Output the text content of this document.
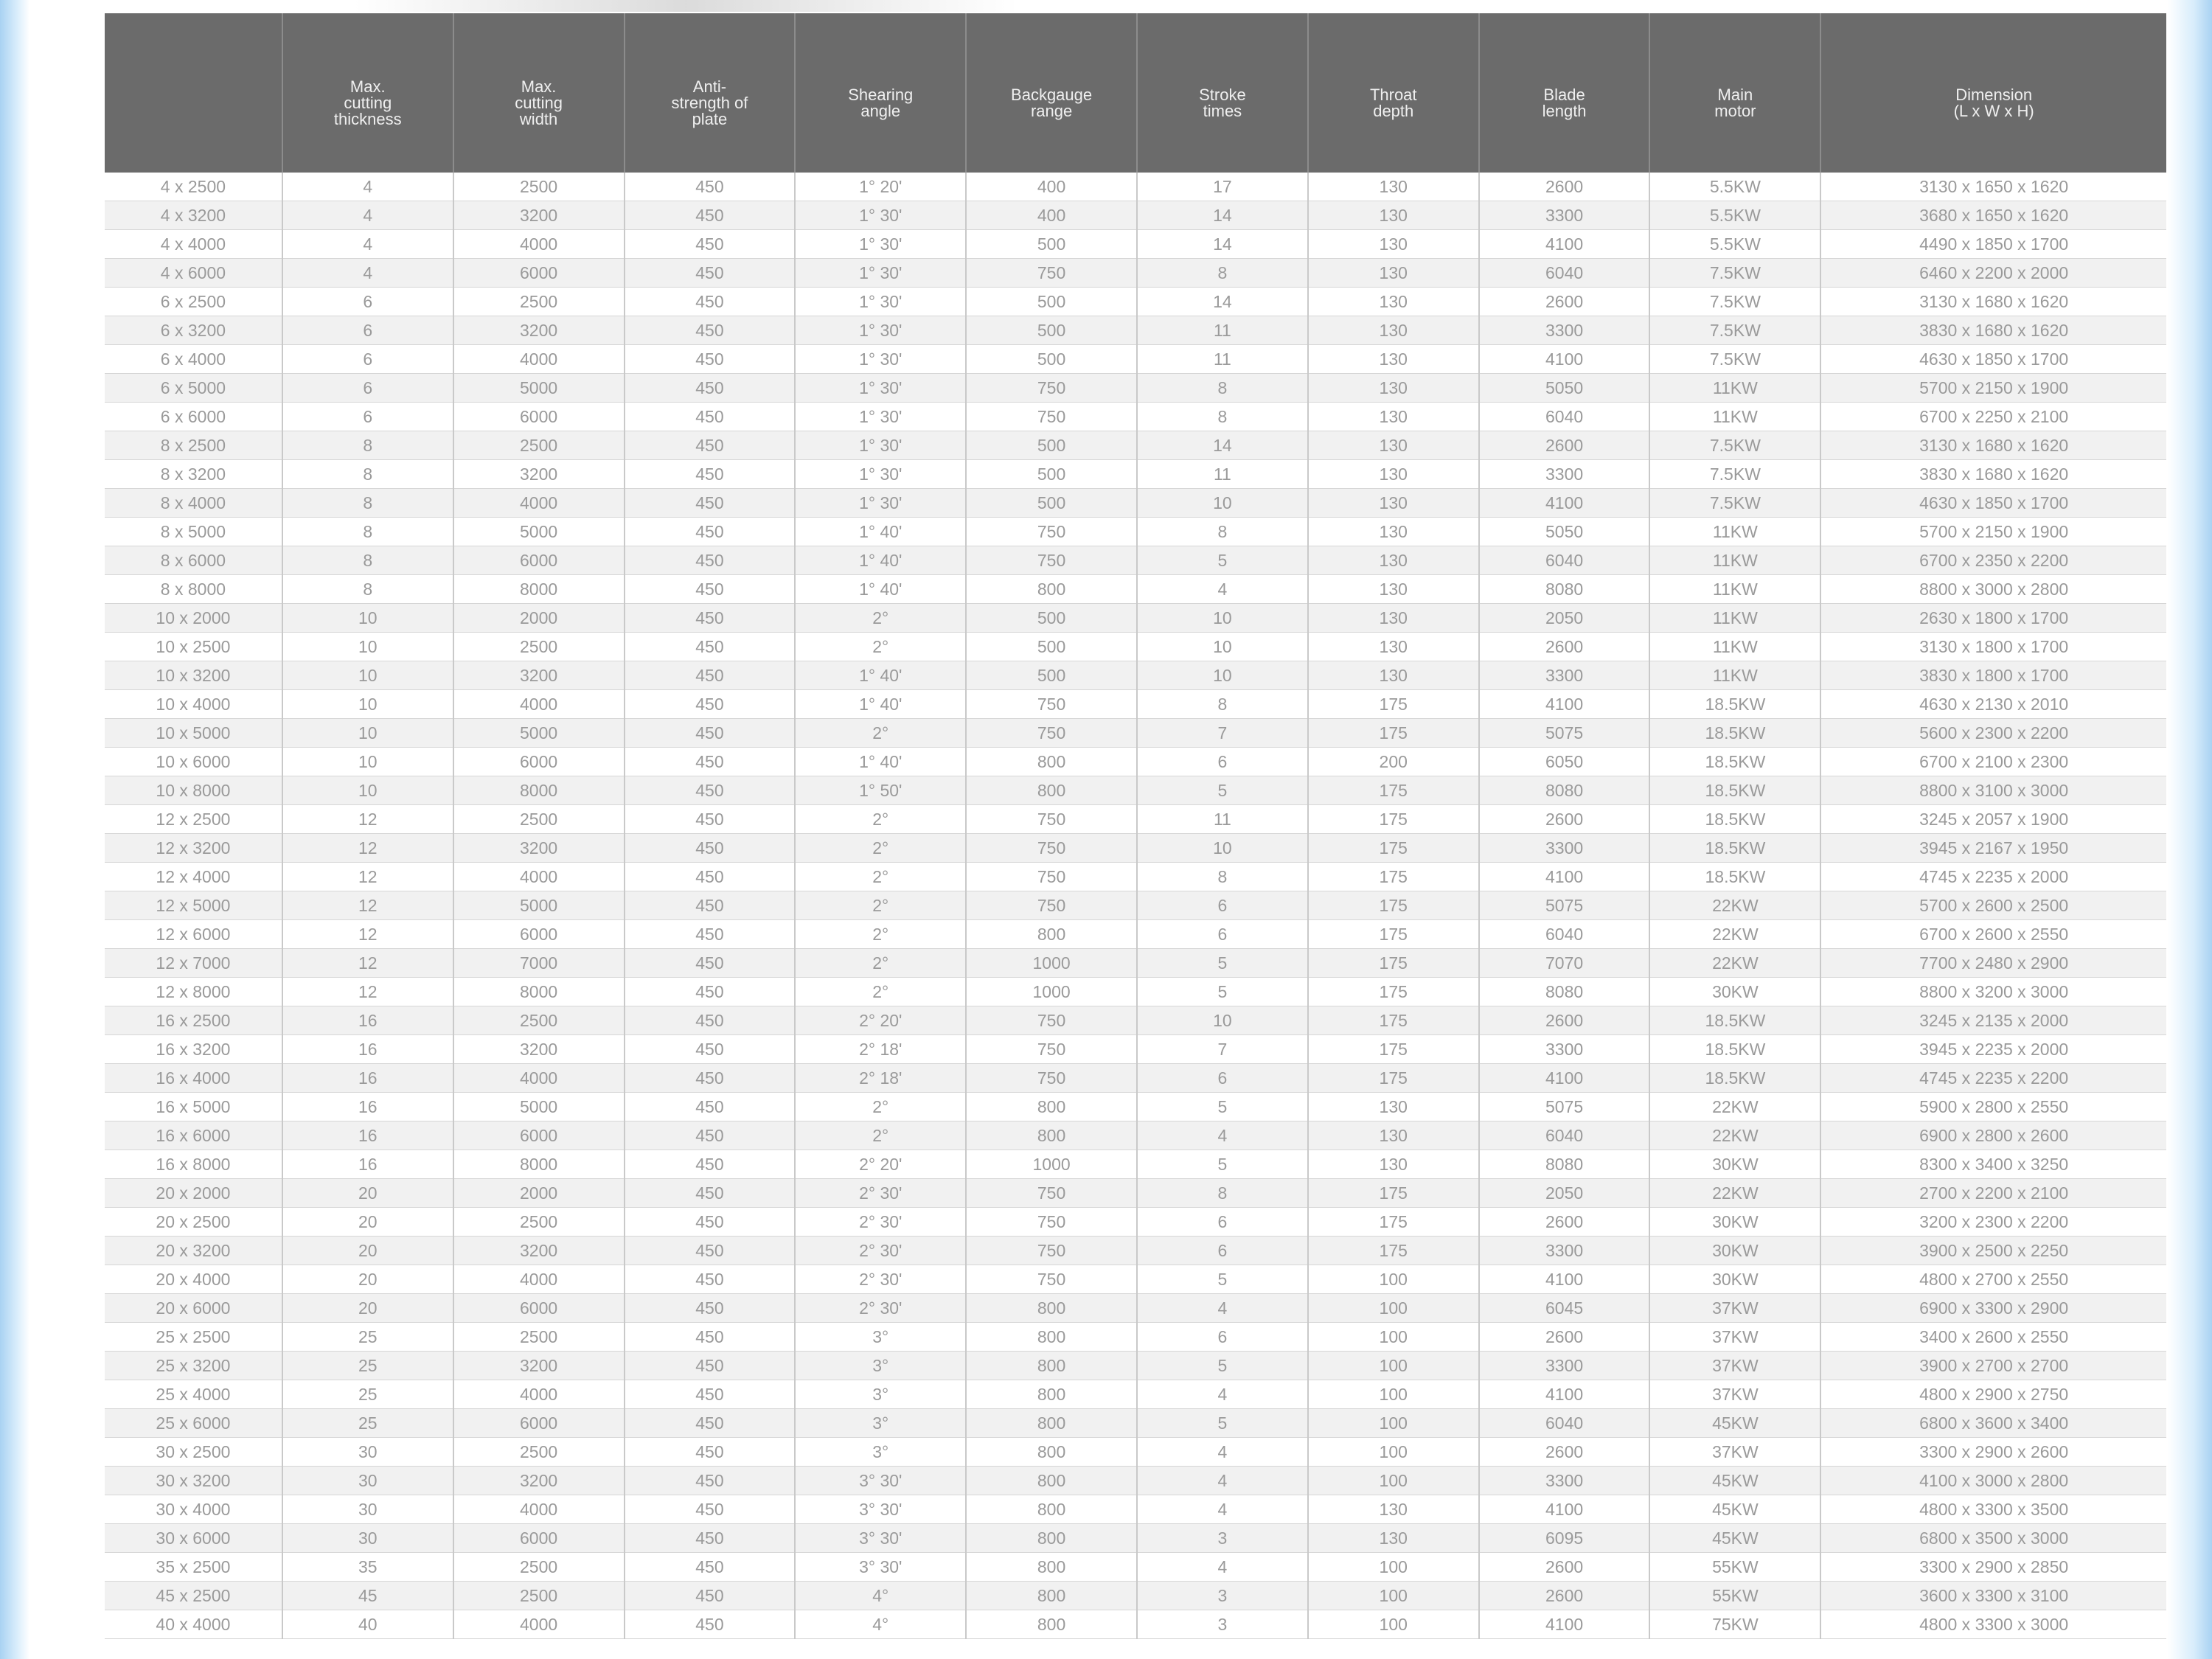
	Max.
cutting
thickness	Max.
cutting
width	Anti-
strength of
plate	Shearing
angle	Backgauge
range	Stroke
times	Throat
depth	Blade
length	Main
motor	Dimension
(L x W x H)
4 x 2500	4	2500	450	1° 20'	400	17	130	2600	5.5KW	3130 x 1650 x 1620
4 x 3200	4	3200	450	1° 30'	400	14	130	3300	5.5KW	3680 x 1650 x 1620
4 x 4000	4	4000	450	1° 30'	500	14	130	4100	5.5KW	4490 x 1850 x 1700
4 x 6000	4	6000	450	1° 30'	750	8	130	6040	7.5KW	6460 x 2200 x 2000
6 x 2500	6	2500	450	1° 30'	500	14	130	2600	7.5KW	3130 x 1680 x 1620
6 x 3200	6	3200	450	1° 30'	500	11	130	3300	7.5KW	3830 x 1680 x 1620
6 x 4000	6	4000	450	1° 30'	500	11	130	4100	7.5KW	4630 x 1850 x 1700
6 x 5000	6	5000	450	1° 30'	750	8	130	5050	11KW	5700 x 2150 x 1900
6 x 6000	6	6000	450	1° 30'	750	8	130	6040	11KW	6700 x 2250 x 2100
8 x 2500	8	2500	450	1° 30'	500	14	130	2600	7.5KW	3130 x 1680 x 1620
8 x 3200	8	3200	450	1° 30'	500	11	130	3300	7.5KW	3830 x 1680 x 1620
8 x 4000	8	4000	450	1° 30'	500	10	130	4100	7.5KW	4630 x 1850 x 1700
8 x 5000	8	5000	450	1° 40'	750	8	130	5050	11KW	5700 x 2150 x 1900
8 x 6000	8	6000	450	1° 40'	750	5	130	6040	11KW	6700 x 2350 x 2200
8 x 8000	8	8000	450	1° 40'	800	4	130	8080	11KW	8800 x 3000 x 2800
10 x 2000	10	2000	450	2°	500	10	130	2050	11KW	2630 x 1800 x 1700
10 x 2500	10	2500	450	2°	500	10	130	2600	11KW	3130 x 1800 x 1700
10 x 3200	10	3200	450	1° 40'	500	10	130	3300	11KW	3830 x 1800 x 1700
10 x 4000	10	4000	450	1° 40'	750	8	175	4100	18.5KW	4630 x 2130 x 2010
10 x 5000	10	5000	450	2°	750	7	175	5075	18.5KW	5600 x 2300 x 2200
10 x 6000	10	6000	450	1° 40'	800	6	200	6050	18.5KW	6700 x 2100 x 2300
10 x 8000	10	8000	450	1° 50'	800	5	175	8080	18.5KW	8800 x 3100 x 3000
12 x 2500	12	2500	450	2°	750	11	175	2600	18.5KW	3245 x 2057 x 1900
12 x 3200	12	3200	450	2°	750	10	175	3300	18.5KW	3945 x 2167 x 1950
12 x 4000	12	4000	450	2°	750	8	175	4100	18.5KW	4745 x 2235 x 2000
12 x 5000	12	5000	450	2°	750	6	175	5075	22KW	5700 x 2600 x 2500
12 x 6000	12	6000	450	2°	800	6	175	6040	22KW	6700 x 2600 x 2550
12 x 7000	12	7000	450	2°	1000	5	175	7070	22KW	7700 x 2480 x 2900
12 x 8000	12	8000	450	2°	1000	5	175	8080	30KW	8800 x 3200 x 3000
16 x 2500	16	2500	450	2° 20'	750	10	175	2600	18.5KW	3245 x 2135 x 2000
16 x 3200	16	3200	450	2° 18'	750	7	175	3300	18.5KW	3945 x 2235 x 2000
16 x 4000	16	4000	450	2° 18'	750	6	175	4100	18.5KW	4745 x 2235 x 2200
16 x 5000	16	5000	450	2°	800	5	130	5075	22KW	5900 x 2800 x 2550
16 x 6000	16	6000	450	2°	800	4	130	6040	22KW	6900 x 2800 x 2600
16 x 8000	16	8000	450	2° 20'	1000	5	130	8080	30KW	8300 x 3400 x 3250
20 x 2000	20	2000	450	2° 30'	750	8	175	2050	22KW	2700 x 2200 x 2100
20 x 2500	20	2500	450	2° 30'	750	6	175	2600	30KW	3200 x 2300 x 2200
20 x 3200	20	3200	450	2° 30'	750	6	175	3300	30KW	3900 x 2500 x 2250
20 x 4000	20	4000	450	2° 30'	750	5	100	4100	30KW	4800 x 2700 x 2550
20 x 6000	20	6000	450	2° 30'	800	4	100	6045	37KW	6900 x 3300 x 2900
25 x 2500	25	2500	450	3°	800	6	100	2600	37KW	3400 x 2600 x 2550
25 x 3200	25	3200	450	3°	800	5	100	3300	37KW	3900 x 2700 x 2700
25 x 4000	25	4000	450	3°	800	4	100	4100	37KW	4800 x 2900 x 2750
25 x 6000	25	6000	450	3°	800	5	100	6040	45KW	6800 x 3600 x 3400
30 x 2500	30	2500	450	3°	800	4	100	2600	37KW	3300 x 2900 x 2600
30 x 3200	30	3200	450	3° 30'	800	4	100	3300	45KW	4100 x 3000 x 2800
30 x 4000	30	4000	450	3° 30'	800	4	130	4100	45KW	4800 x 3300 x 3500
30 x 6000	30	6000	450	3° 30'	800	3	130	6095	45KW	6800 x 3500 x 3000
35 x 2500	35	2500	450	3° 30'	800	4	100	2600	55KW	3300 x 2900 x 2850
45 x 2500	45	2500	450	4°	800	3	100	2600	55KW	3600 x 3300 x 3100
40 x 4000	40	4000	450	4°	800	3	100	4100	75KW	4800 x 3300 x 3000
